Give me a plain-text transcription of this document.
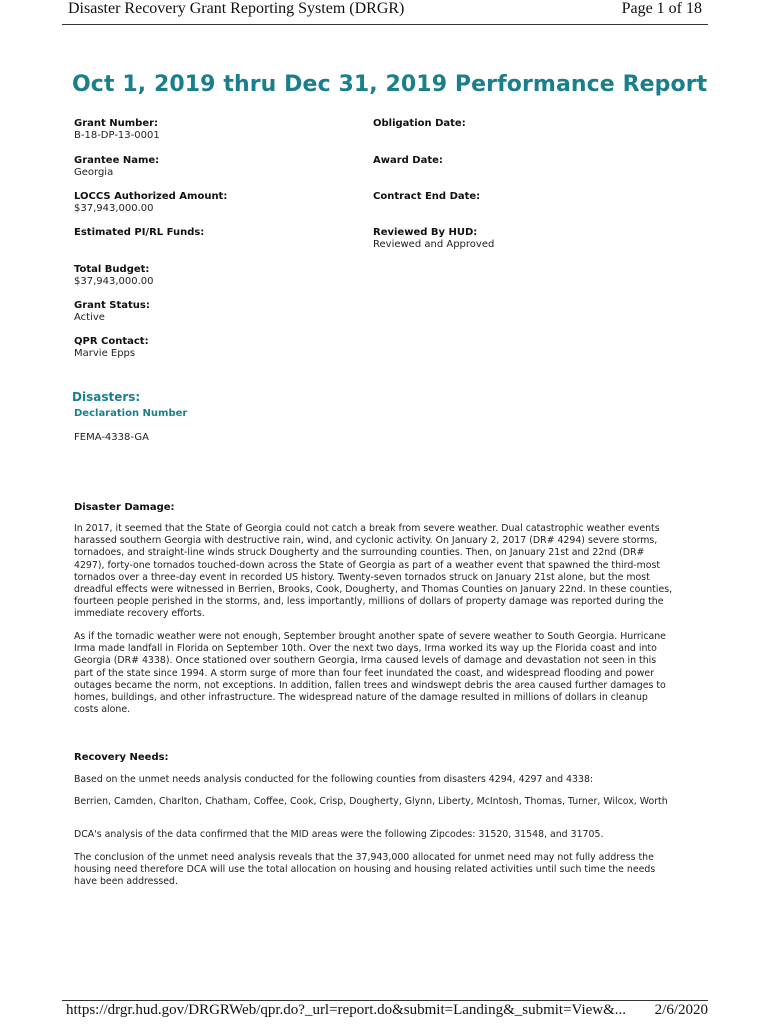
Disaster Recovery Grant Reporting System (DRGR)	Page 1 of 18
Oct 1, 2019 thru Dec 31, 2019 Performance Report
Grant Number:
B-18-DP-13-0001
Grantee Name:
Georgia
LOCCS Authorized Amount:
$37,943,000.00
Estimated PI/RL Funds:
Total Budget:
$37,943,000.00
Grant Status:
Active
QPR Contact:
Marvie Epps
Obligation Date:
Award Date:
Contract End Date:
Reviewed By HUD:
Reviewed and Approved
Disasters:
Declaration Number
FEMA-4338-GA
Disaster Damage:

In 2017, it seemed that the State of Georgia could not catch a break from severe weather. Dual catastrophic weather events harassed southern Georgia with destructive rain, wind, and cyclonic activity. On January 2, 2017 (DR# 4294) severe storms, tornadoes, and straight-line winds struck Dougherty and the surrounding counties. Then, on January 21st and 22nd (DR# 4297), forty-one tornados touched-down across the State of Georgia as part of a weather event that spawned the third-most tornados over a three-day event in recorded US history. Twenty-seven tornados struck on January 21st alone, but the most dreadful effects were witnessed in Berrien, Brooks, Cook, Dougherty, and Thomas Counties on January 22nd. In these counties, fourteen people perished in the storms, and, less importantly, millions of dollars of property damage was reported during the immediate recovery efforts.

As if the tornadic weather were not enough, September brought another spate of severe weather to South Georgia. Hurricane Irma made landfall in Florida on September 10th. Over the next two days, Irma worked its way up the Florida coast and into Georgia (DR# 4338). Once stationed over southern Georgia, Irma caused levels of damage and devastation not seen in this part of the state since 1994. A storm surge of more than four feet inundated the coast, and widespread flooding and power outages became the norm, not exceptions. In addition, fallen trees and windswept debris the area caused further damages to homes, buildings, and other infrastructure. The widespread nature of the damage resulted in millions of dollars in cleanup costs alone.

Recovery Needs:

Based on the unmet needs analysis conducted for the following counties from disasters 4294, 4297 and 4338:

Berrien, Camden, Charlton, Chatham, Coffee, Cook, Crisp, Dougherty, Glynn, Liberty, McIntosh, Thomas, Turner, Wilcox, Worth

DCA's analysis of the data confirmed that the MID areas were the following Zipcodes: 31520, 31548, and 31705.

The conclusion of the unmet need analysis reveals that the 37,943,000 allocated for unmet need may not fully address the housing need therefore DCA will use the total allocation on housing and housing related activities until such time the needs have been addressed.

https://drgr.hud.gov/DRGRWeb/qpr.do?_url=report.do&submit=Landing&_submit=View&... 2/6/2020
